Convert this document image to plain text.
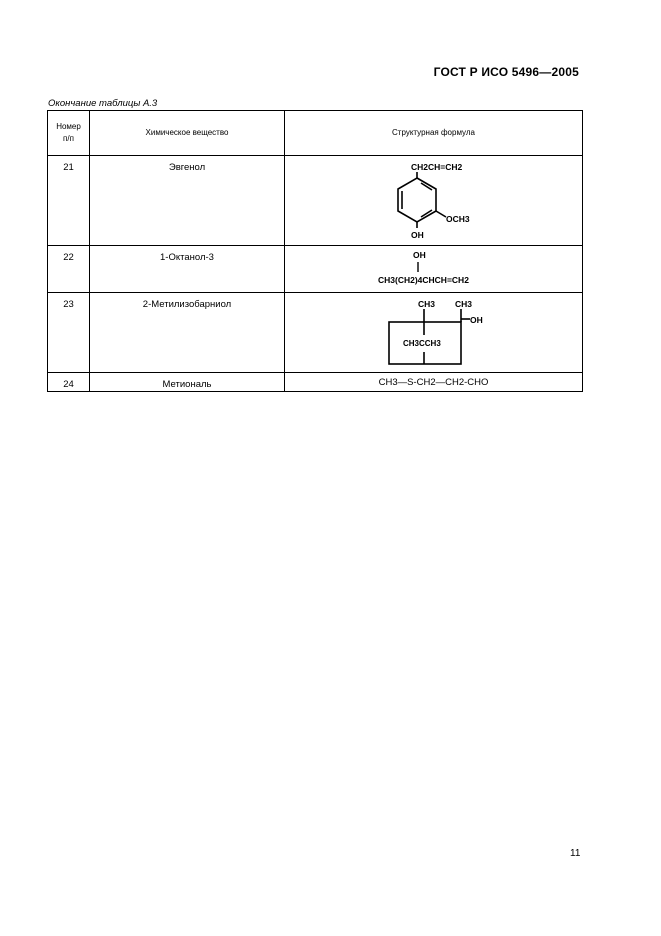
ГОСТ Р ИСО 5496—2005
Окончание таблицы А.3
Номер п/п	Химическое вещество	Структурная формула
21	Эвгенол	CH2CH=CH2
OCH3
OH

22	1-Октанол-3	OH
CH3(CH2)4CHCH=CH2

23	2-Метилизобарниол	CH3 CH3
OH
CH3CCH3

24	Метиональ	CH3—S-CH2—CH2-CHO
11
